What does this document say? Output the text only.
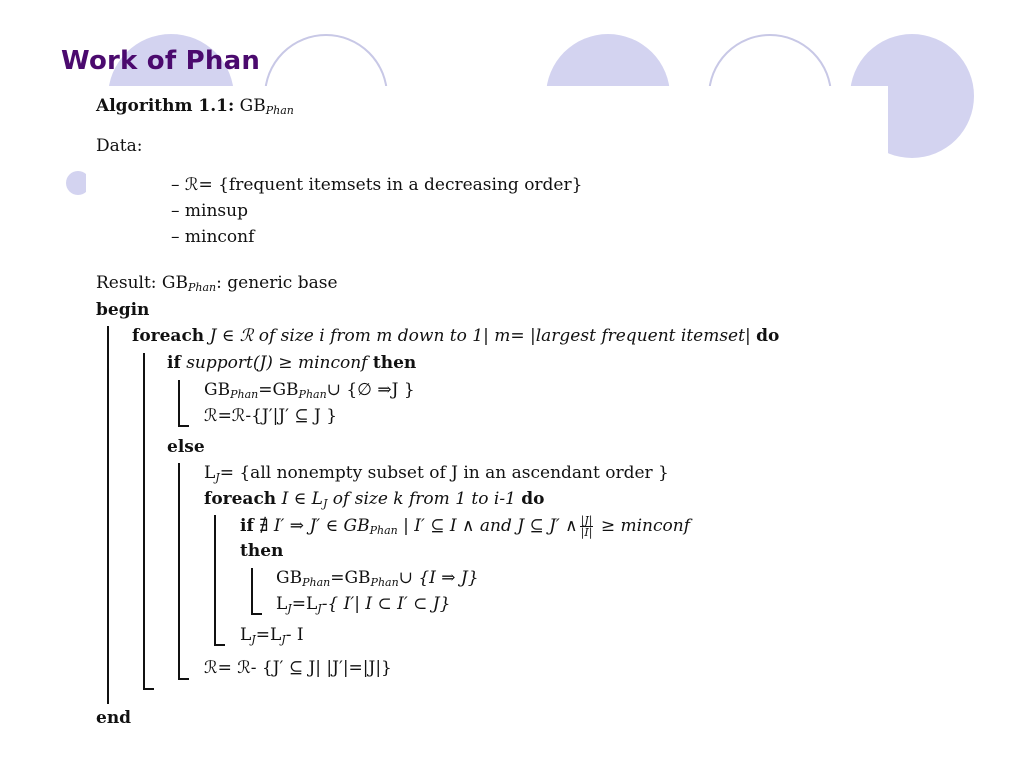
Work of Phan
Algorithm 1.1: $GB_{Phan}$
Data:
– ℛ= {frequent itemsets in a decreasing order}
– minsup
– minconf
Result: $GB_{Phan}$: generic base
begin
foreach J ∈ ℛ of size i from m down to 1| m= |largest frequent itemset| do
if support(J) ≥ minconf then
$GB_{Phan}=GB_{Phan}\cup$ {∅ ⇒J }
ℛ=ℛ-{J′|J′ ⊆ J }
else
$L_J= \{all$ nonempty subset of J in an ascendant order }
foreach I ∈ $L_J$ of size k from 1 to i-1 do
if ∄ I′ ⇒ J′ ∈ $GB_{Phan}$ | I′ ⊆ I ∧ and J ⊆ J′ ∧ $\frac{|J|}{|I|}$ ≥ minconf
then
$GB_{Phan}=GB_{Phan}\cup$ {I ⇒ J}
$L_J=L_J-${ I′| I ⊂ I′ ⊂ J}
$L_J=L_J-$ I
ℛ= ℛ- {J′ ⊆ J| |J′|=|J|}
end
